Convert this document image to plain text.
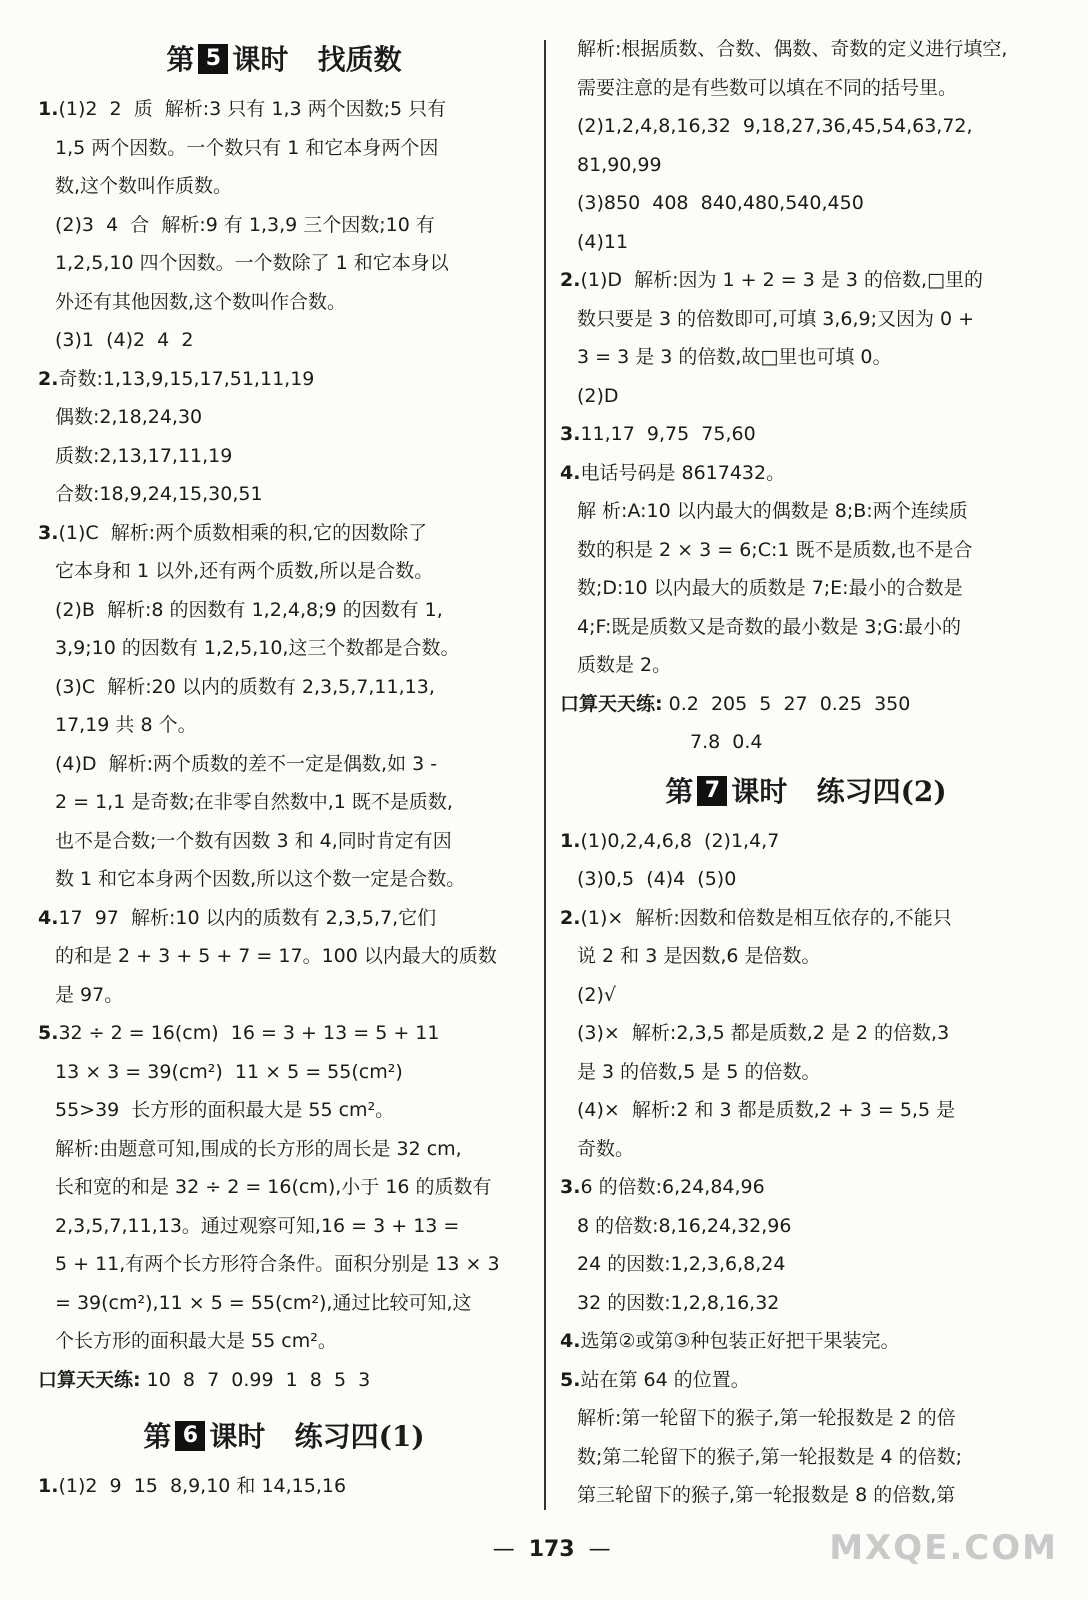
第 5 课时 找质数
1.(1)2  2  质  解析:3 只有 1,3 两个因数;5 只有
1,5 两个因数。一个数只有 1 和它本身两个因
数,这个数叫作质数。
(2)3  4  合  解析:9 有 1,3,9 三个因数;10 有
1,2,5,10 四个因数。一个数除了 1 和它本身以
外还有其他因数,这个数叫作合数。
(3)1  (4)2  4  2
2.奇数:1,13,9,15,17,51,11,19
偶数:2,18,24,30
质数:2,13,17,11,19
合数:18,9,24,15,30,51
3.(1)C  解析:两个质数相乘的积,它的因数除了
它本身和 1 以外,还有两个质数,所以是合数。
(2)B  解析:8 的因数有 1,2,4,8;9 的因数有 1,
3,9;10 的因数有 1,2,5,10,这三个数都是合数。
(3)C  解析:20 以内的质数有 2,3,5,7,11,13,
17,19 共 8 个。
(4)D  解析:两个质数的差不一定是偶数,如 3 -
2 = 1,1 是奇数;在非零自然数中,1 既不是质数,
也不是合数;一个数有因数 3 和 4,同时肯定有因
数 1 和它本身两个因数,所以这个数一定是合数。
4.17  97  解析:10 以内的质数有 2,3,5,7,它们
的和是 2 + 3 + 5 + 7 = 17。100 以内最大的质数
是 97。
5.32 ÷ 2 = 16(cm)  16 = 3 + 13 = 5 + 11
13 × 3 = 39(cm²)  11 × 5 = 55(cm²)
55>39  长方形的面积最大是 55 cm²。
解析:由题意可知,围成的长方形的周长是 32 cm,
长和宽的和是 32 ÷ 2 = 16(cm),小于 16 的质数有
2,3,5,7,11,13。通过观察可知,16 = 3 + 13 =
5 + 11,有两个长方形符合条件。面积分别是 13 × 3
= 39(cm²),11 × 5 = 55(cm²),通过比较可知,这
个长方形的面积最大是 55 cm²。
口算天天练: 10  8  7  0.99  1  8  5  3
第 6 课时 练习四(1)
1.(1)2  9  15  8,9,10 和 14,15,16
解析:根据质数、合数、偶数、奇数的定义进行填空,
需要注意的是有些数可以填在不同的括号里。
(2)1,2,4,8,16,32  9,18,27,36,45,54,63,72,
81,90,99
(3)850  408  840,480,540,450
(4)11
2.(1)D  解析:因为 1 + 2 = 3 是 3 的倍数,□里的
数只要是 3 的倍数即可,可填 3,6,9;又因为 0 +
3 = 3 是 3 的倍数,故□里也可填 0。
(2)D
3.11,17  9,75  75,60
4.电话号码是 8617432。
解 析:A:10 以内最大的偶数是 8;B:两个连续质
数的积是 2 × 3 = 6;C:1 既不是质数,也不是合
数;D:10 以内最大的质数是 7;E:最小的合数是
4;F:既是质数又是奇数的最小数是 3;G:最小的
质数是 2。
口算天天练: 0.2  205  5  27  0.25  350
7.8  0.4
第 7 课时 练习四(2)
1.(1)0,2,4,6,8  (2)1,4,7
(3)0,5  (4)4  (5)0
2.(1)×  解析:因数和倍数是相互依存的,不能只
说 2 和 3 是因数,6 是倍数。
(2)√
(3)×  解析:2,3,5 都是质数,2 是 2 的倍数,3
是 3 的倍数,5 是 5 的倍数。
(4)×  解析:2 和 3 都是质数,2 + 3 = 5,5 是
奇数。
3.6 的倍数:6,24,84,96
8 的倍数:8,16,24,32,96
24 的因数:1,2,3,6,8,24
32 的因数:1,2,8,16,32
4.选第②或第③种包装正好把干果装完。
5.站在第 64 的位置。
解析:第一轮留下的猴子,第一轮报数是 2 的倍
数;第二轮留下的猴子,第一轮报数是 4 的倍数;
第三轮留下的猴子,第一轮报数是 8 的倍数,第

— 173 —	MXQE.COM
